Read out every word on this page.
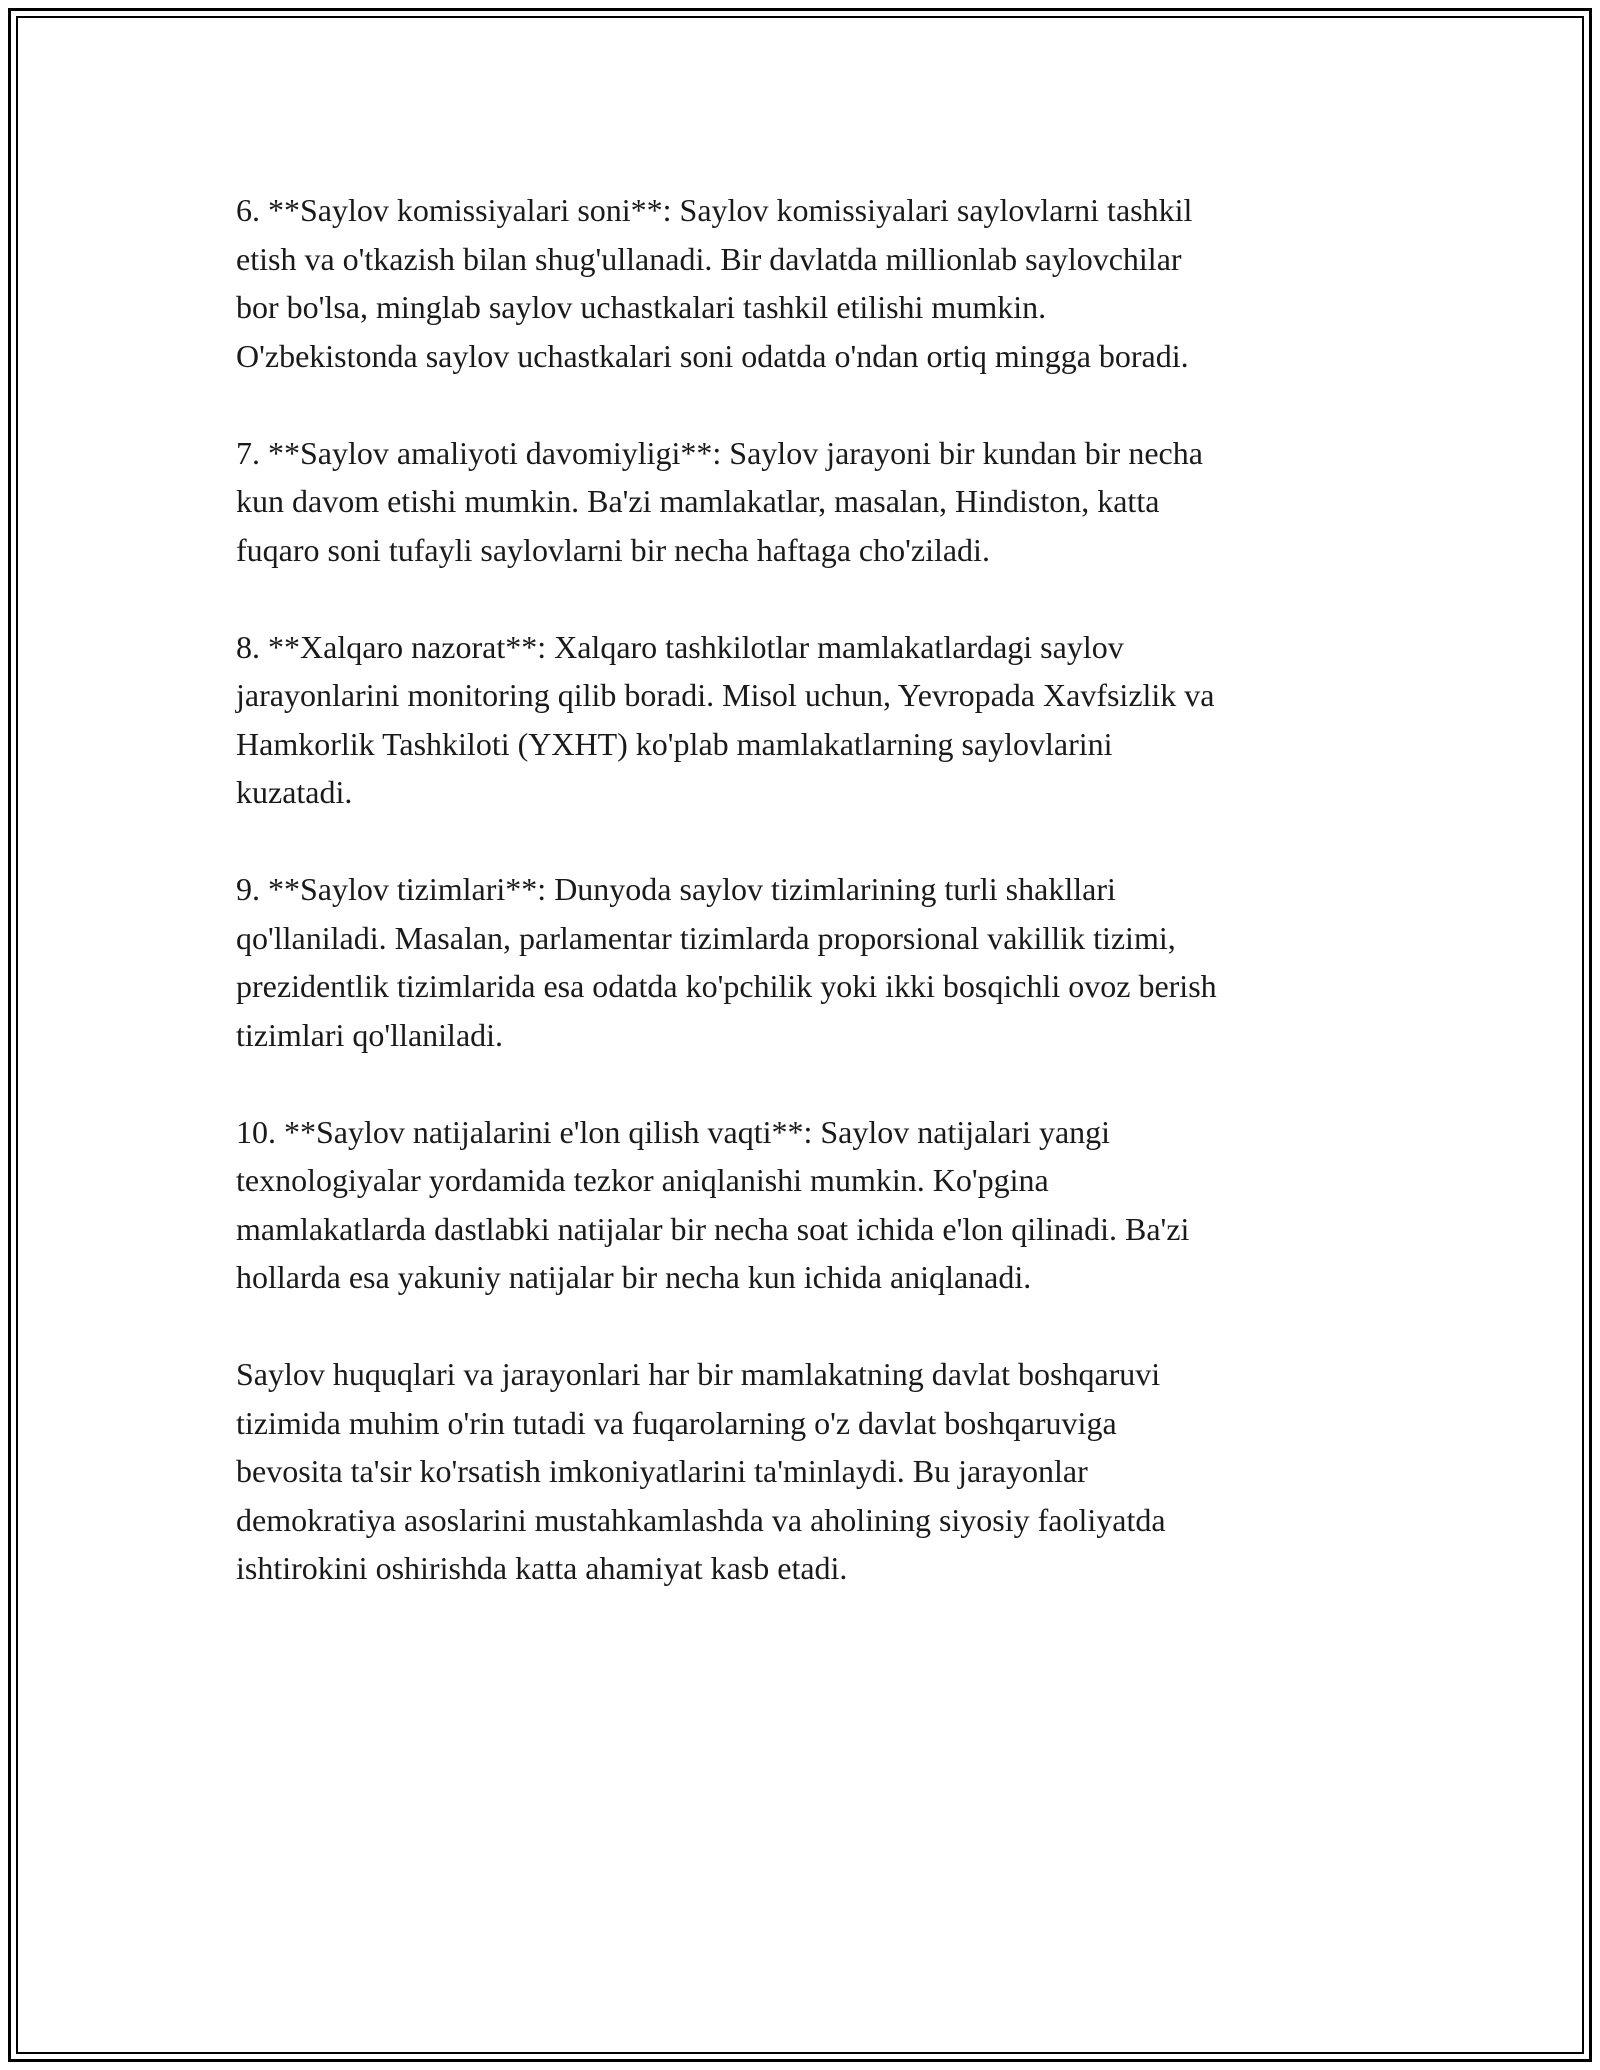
6. **Saylov komissiyalari soni**: Saylov komissiyalari saylovlarni tashkil
etish va o'tkazish bilan shug'ullanadi. Bir davlatda millionlab saylovchilar
bor bo'lsa, minglab saylov uchastkalari tashkil etilishi mumkin.
O'zbekistonda saylov uchastkalari soni odatda o'ndan ortiq mingga boradi.

7. **Saylov amaliyoti davomiyligi**: Saylov jarayoni bir kundan bir necha
kun davom etishi mumkin. Ba'zi mamlakatlar, masalan, Hindiston, katta
fuqaro soni tufayli saylovlarni bir necha haftaga cho'ziladi.

8. **Xalqaro nazorat**: Xalqaro tashkilotlar mamlakatlardagi saylov
jarayonlarini monitoring qilib boradi. Misol uchun, Yevropada Xavfsizlik va
Hamkorlik Tashkiloti (YXHT) ko'plab mamlakatlarning saylovlarini
kuzatadi.

9. **Saylov tizimlari**: Dunyoda saylov tizimlarining turli shakllari
qo'llaniladi. Masalan, parlamentar tizimlarda proporsional vakillik tizimi,
prezidentlik tizimlarida esa odatda ko'pchilik yoki ikki bosqichli ovoz berish
tizimlari qo'llaniladi.

10. **Saylov natijalarini e'lon qilish vaqti**: Saylov natijalari yangi
texnologiyalar yordamida tezkor aniqlanishi mumkin. Ko'pgina
mamlakatlarda dastlabki natijalar bir necha soat ichida e'lon qilinadi. Ba'zi
hollarda esa yakuniy natijalar bir necha kun ichida aniqlanadi.

Saylov huquqlari va jarayonlari har bir mamlakatning davlat boshqaruvi
tizimida muhim o'rin tutadi va fuqarolarning o'z davlat boshqaruviga
bevosita ta'sir ko'rsatish imkoniyatlarini ta'minlaydi. Bu jarayonlar
demokratiya asoslarini mustahkamlashda va aholining siyosiy faoliyatda
ishtirokini oshirishda katta ahamiyat kasb etadi.
